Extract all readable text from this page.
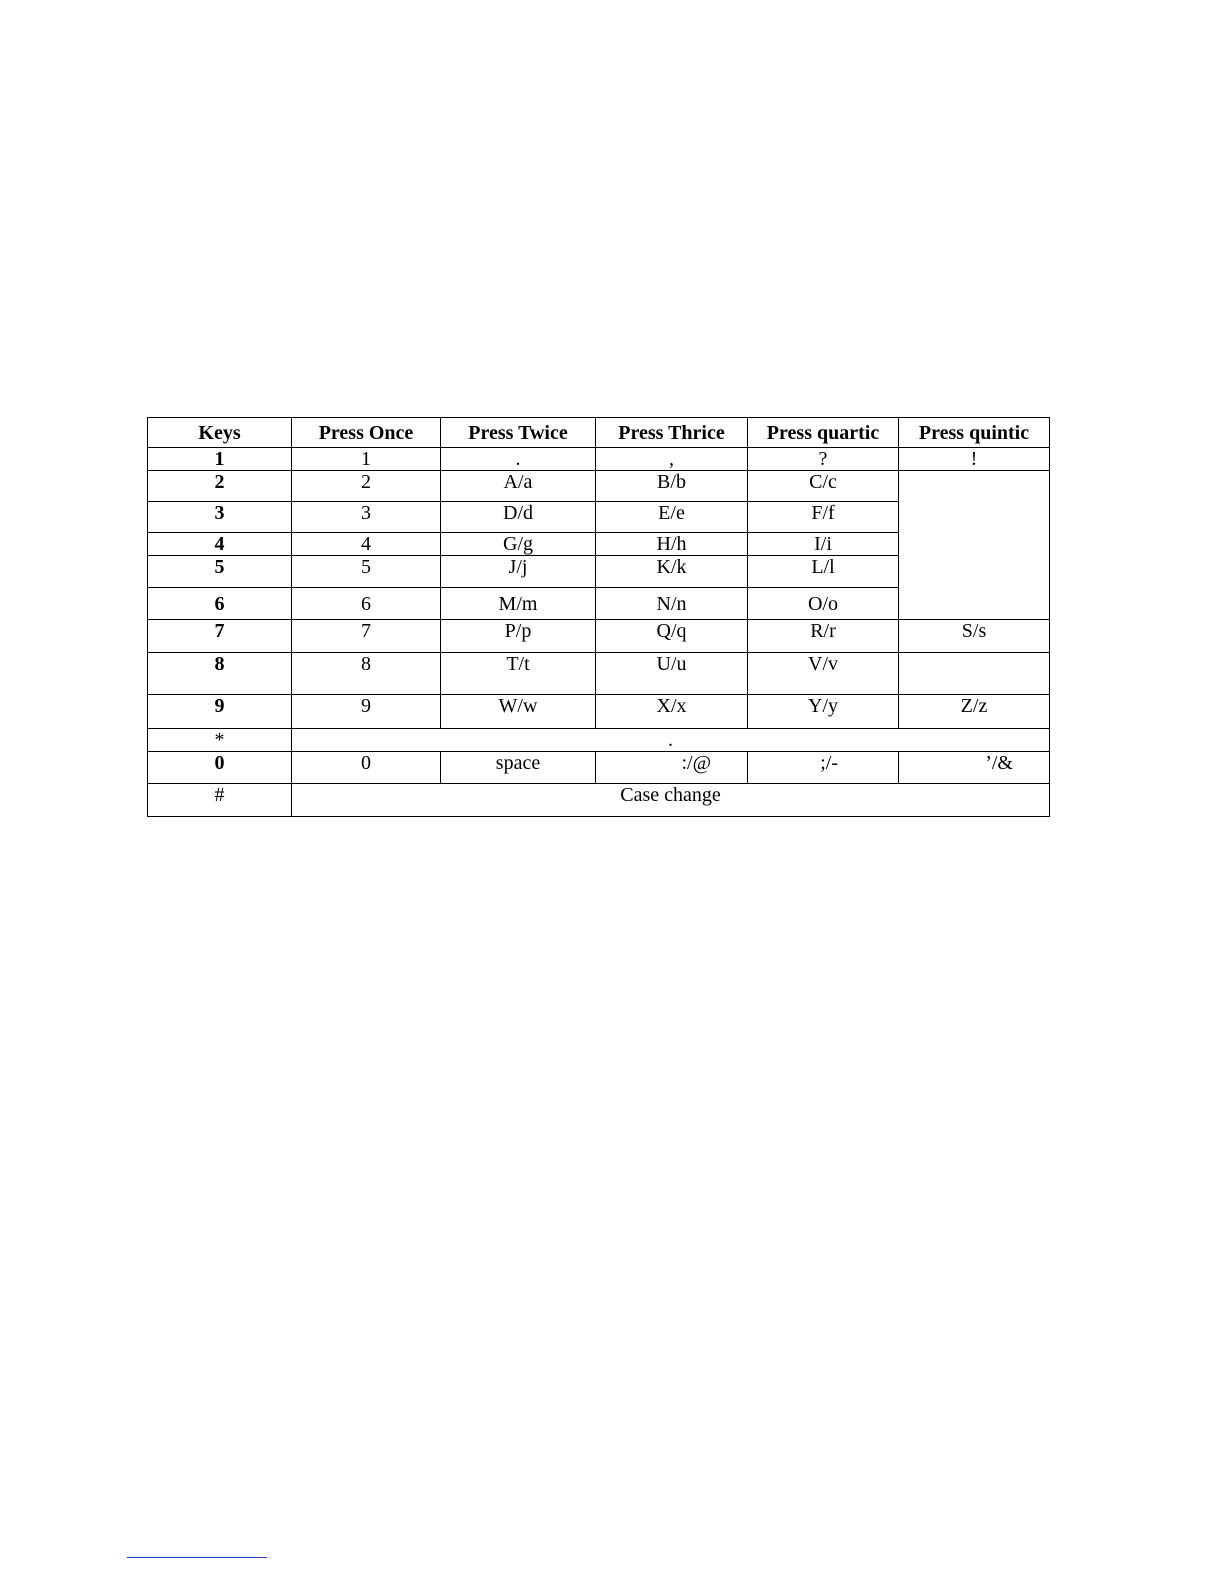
Keys	Press Once	Press Twice	Press Thrice	Press quartic	Press quintic
1	1	.	,	?	!
2	2	A/a	B/b	C/c	
3	3	D/d	E/e	F/f	
4	4	G/g	H/h	I/i	
5	5	J/j	K/k	L/l	
6	6	M/m	N/n	O/o	
7	7	P/p	Q/q	R/r	S/s
8	8	T/t	U/u	V/v	
9	9	W/w	X/x	Y/y	Z/z
*	.				
0	0	space	:/@	;/-	’/&
#	Case change				
